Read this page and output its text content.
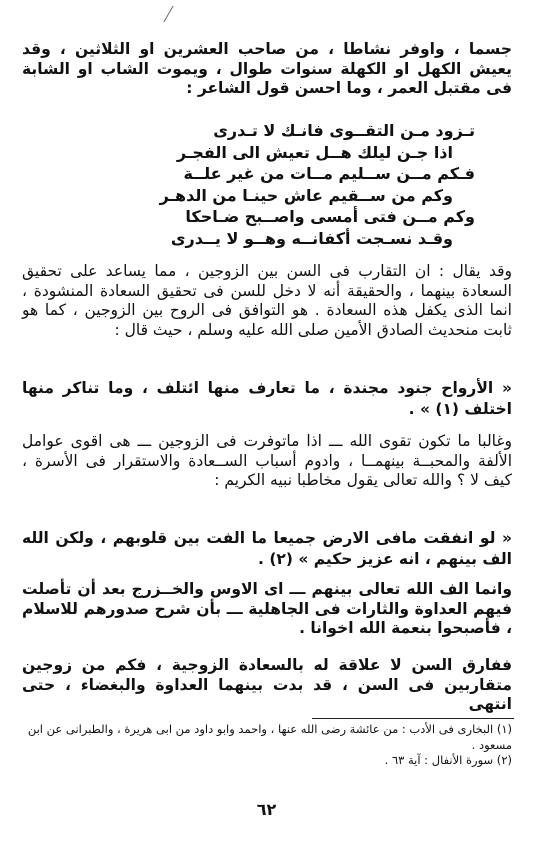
جسما ، واوفر نشاطا ، من صاحب العشرين او الثلاثين ، وقد يعيش الكهل او الكهلة سنوات طوال ، ويموت الشاب او الشابة فى مقتبل العمر ، وما احسن قول الشاعر :

تـزود مـن التقــوى فانـك لا تـدرى

اذا جـن ليلك هــل تعيش الى الفجـر

فـكم مــن ســليم مــات من غير علــة

وكم من ســقيم عاش حينـا من الدهـر

وكم مــن فتى أمسى واصــبح ضـاحكا

وقـد نسـجت أكفانــه وهــو لا يــدرى

وقد يقال : ان التقارب فى السن بين الزوجين ، مما يساعد على تحقيق السعادة بينهما ، والحقيقة أنه لا دخل للسن فى تحقيق السعادة المنشودة ، انما الذى يكفل هذه السعادة . هو التوافق فى الروح بين الزوجين ، كما هو ثابت منحديث الصادق الأمين صلى الله عليه وسلم ، حيث قال :

« الأرواح جنود مجندة ، ما تعارف منها ائتلف ، وما تناكر منها اختلف (١) » .

وغالبا ما تكون تقوى الله ـــ اذا ماتوفرت فى الزوجين ـــ هى اقوى عوامل الألفة والمحبــة بينهمــا ، وادوم أسباب الســعادة والاستقرار فى الأسرة ، كيف لا ؟ والله تعالى يقول مخاطبا نبيه الكريم :

« لو انفقت مافى الارض جميعا ما الفت بين قلوبهم ، ولكن الله الف بينهم ، انه عزيز حكيم » (٢) .

وانما الف الله تعالى بينهم ـــ اى الاوس والخــزرج بعد أن تأصلت فيهم العداوة والثارات فى الجاهلية ـــ بأن شرح صدورهم للاسلام ، فأصبحوا بنعمة الله اخوانا .

ففارق السن لا علاقة له بالسعادة الزوجية ، فكم من زوجين متقاربين فى السن ، قد بدت بينهما العداوة والبغضاء ، حتى انتهى

(١) البخارى فى الأدب : من عائشة رضى الله عنها ، واحمد وابو داود من ابى هريرة ، والطبرانى عن ابن مسعود .

(٢) سورة الأنفال : آية ٦٣ .

٦٢
